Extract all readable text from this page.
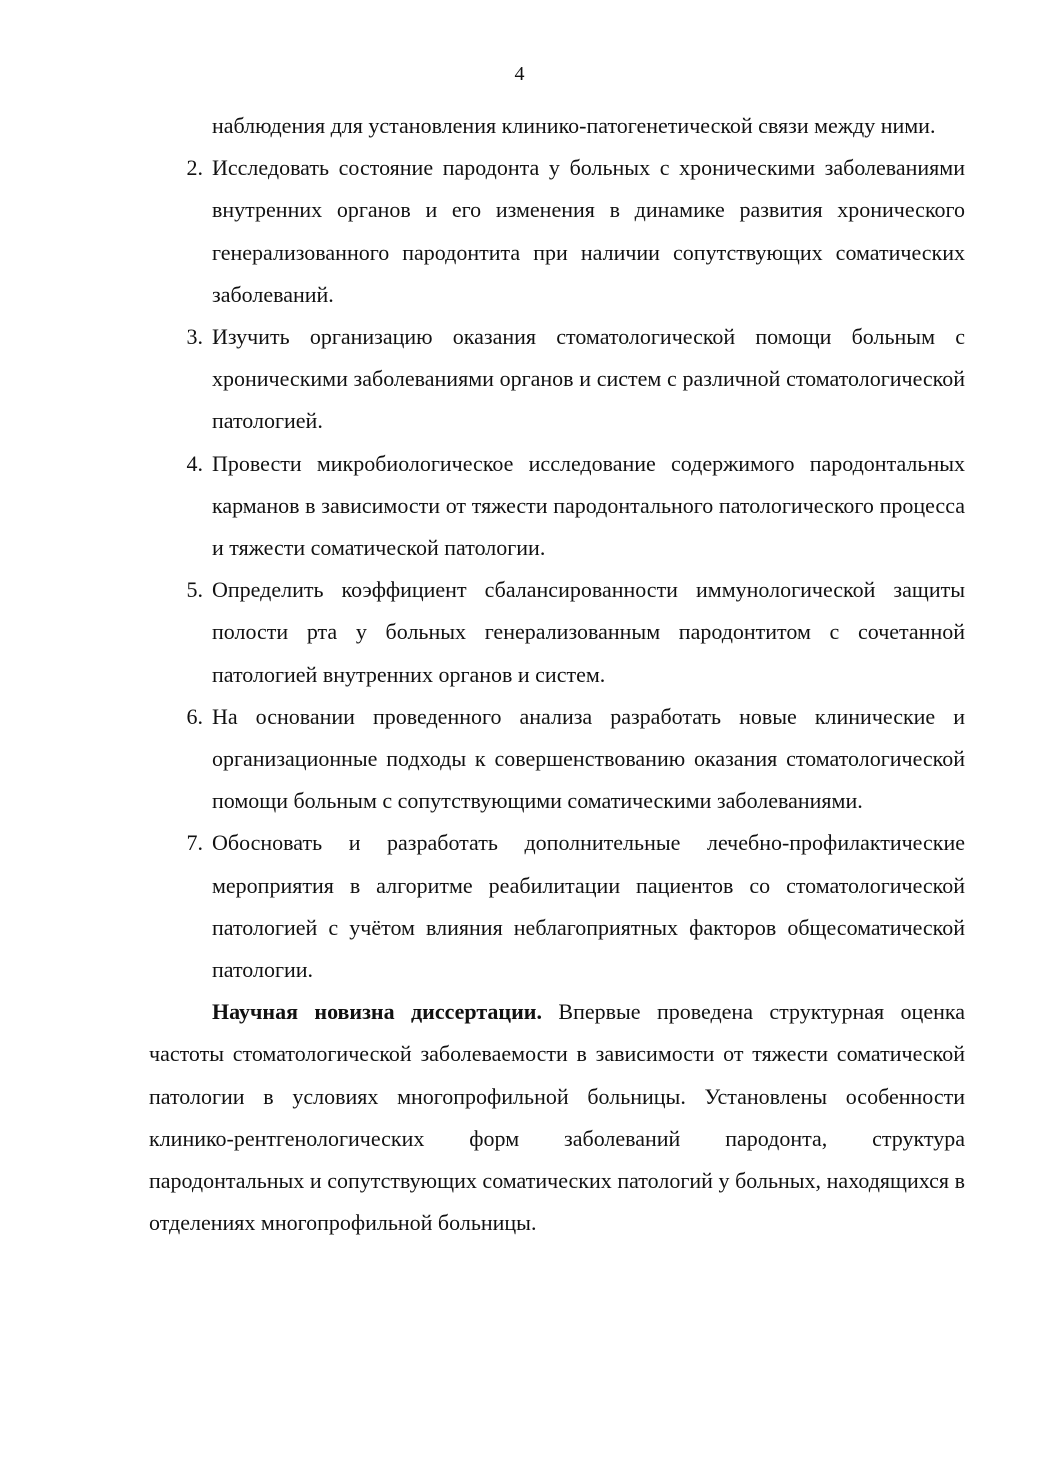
4

наблюдения для установления клинико-патогенетической связи между ними.

2. Исследовать состояние пародонта у больных с хроническими заболеваниями внутренних органов и его изменения в динамике развития хронического генерализованного пародонтита при наличии сопутствующих соматических заболеваний.
3. Изучить организацию оказания стоматологической помощи больным с хроническими заболеваниями органов и систем с различной стоматологической патологией.
4. Провести микробиологическое исследование содержимого пародонтальных карманов в зависимости от тяжести пародонтального патологического процесса и тяжести соматической патологии.
5. Определить коэффициент сбалансированности иммунологической защиты полости рта у больных генерализованным пародонтитом с сочетанной патологией внутренних органов и систем.
6. На основании проведенного анализа разработать новые клинические и организационные подходы к совершенствованию оказания стоматологической помощи больным с сопутствующими соматическими заболеваниями.
7. Обосновать и разработать дополнительные лечебно-профилактические мероприятия в алгоритме реабилитации пациентов со стоматологической патологией с учётом влияния неблагоприятных факторов общесоматической патологии.

Научная новизна диссертации. Впервые проведена структурная оценка частоты стоматологической заболеваемости в зависимости от тяжести соматической патологии в условиях многопрофильной больницы. Установлены особенности клинико-рентгенологических форм заболеваний пародонта, структура пародонтальных и сопутствующих соматических патологий у больных, находящихся в отделениях многопрофильной больницы.
